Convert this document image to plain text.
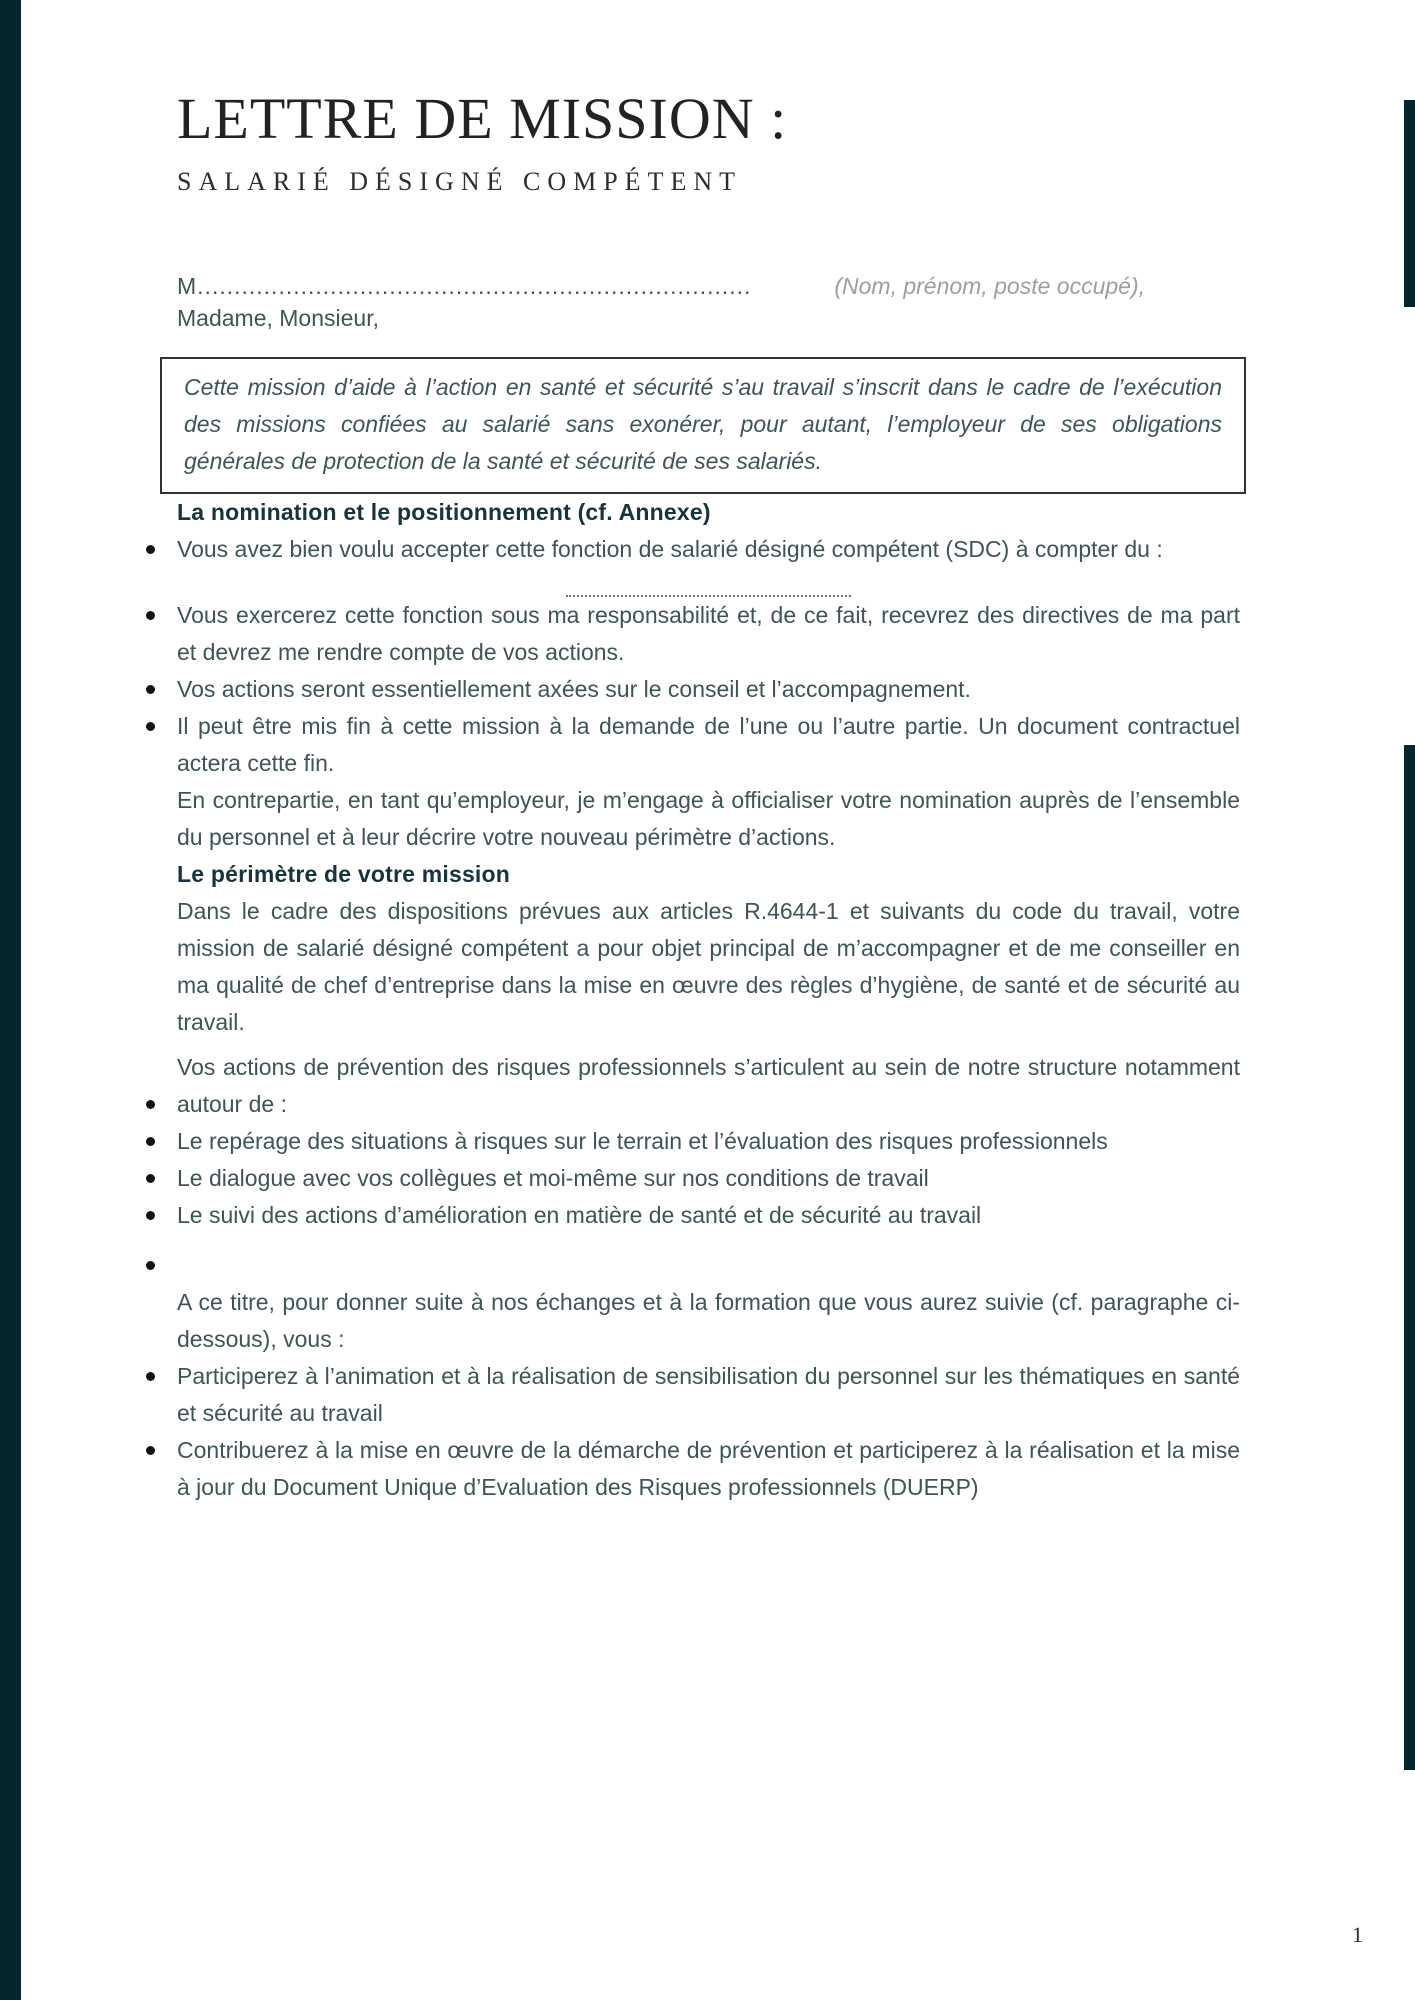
LETTRE DE MISSION :
SALARIÉ DÉSIGNÉ COMPÉTENT
M...........................................................................	(Nom, prénom, poste occupé),

Madame, Monsieur,

Cette mission d’aide à l’action en santé et sécurité s’au travail s’inscrit dans le cadre de l’exécution des missions confiées au salarié sans exonérer, pour autant, l’employeur de ses obligations générales de protection de la santé et sécurité de ses salariés.

La nomination et le positionnement (cf. Annexe)
Vous avez bien voulu accepter cette fonction de salarié désigné compétent (SDC) à compter du :
Vous exercerez cette fonction sous ma responsabilité et, de ce fait, recevrez des directives de ma part et devrez me rendre compte de vos actions.
Vos actions seront essentiellement axées sur le conseil et l’accompagnement.
Il peut être mis fin à cette mission à la demande de l’une ou l’autre partie. Un document contractuel actera cette fin.

En contrepartie, en tant qu’employeur, je m’engage à officialiser votre nomination auprès de l’ensemble du personnel et à leur décrire votre nouveau périmètre d’actions.

Le périmètre de votre mission

Dans le cadre des dispositions prévues aux articles R.4644-1 et suivants du code du travail, votre mission de salarié désigné compétent a pour objet principal de m’accompagner et de me conseiller en ma qualité de chef d’entreprise dans la mise en œuvre des règles d’hygiène, de santé et de sécurité au travail.

Vos actions de prévention des risques professionnels s’articulent au sein de notre structure notamment autour de :

Le repérage des situations à risques sur le terrain et l’évaluation des risques professionnels
Le dialogue avec vos collègues et moi-même sur nos conditions de travail
Le suivi des actions d’amélioration en matière de santé et de sécurité au travail

A ce titre, pour donner suite à nos échanges et à la formation que vous aurez suivie (cf. paragraphe ci-dessous), vous :

Participerez à l’animation et à la réalisation de sensibilisation du personnel sur les thématiques en santé et sécurité au travail
Contribuerez à la mise en œuvre de la démarche de prévention et participerez à la réalisation et la mise à jour du Document Unique d’Evaluation des Risques professionnels (DUERP)
1
